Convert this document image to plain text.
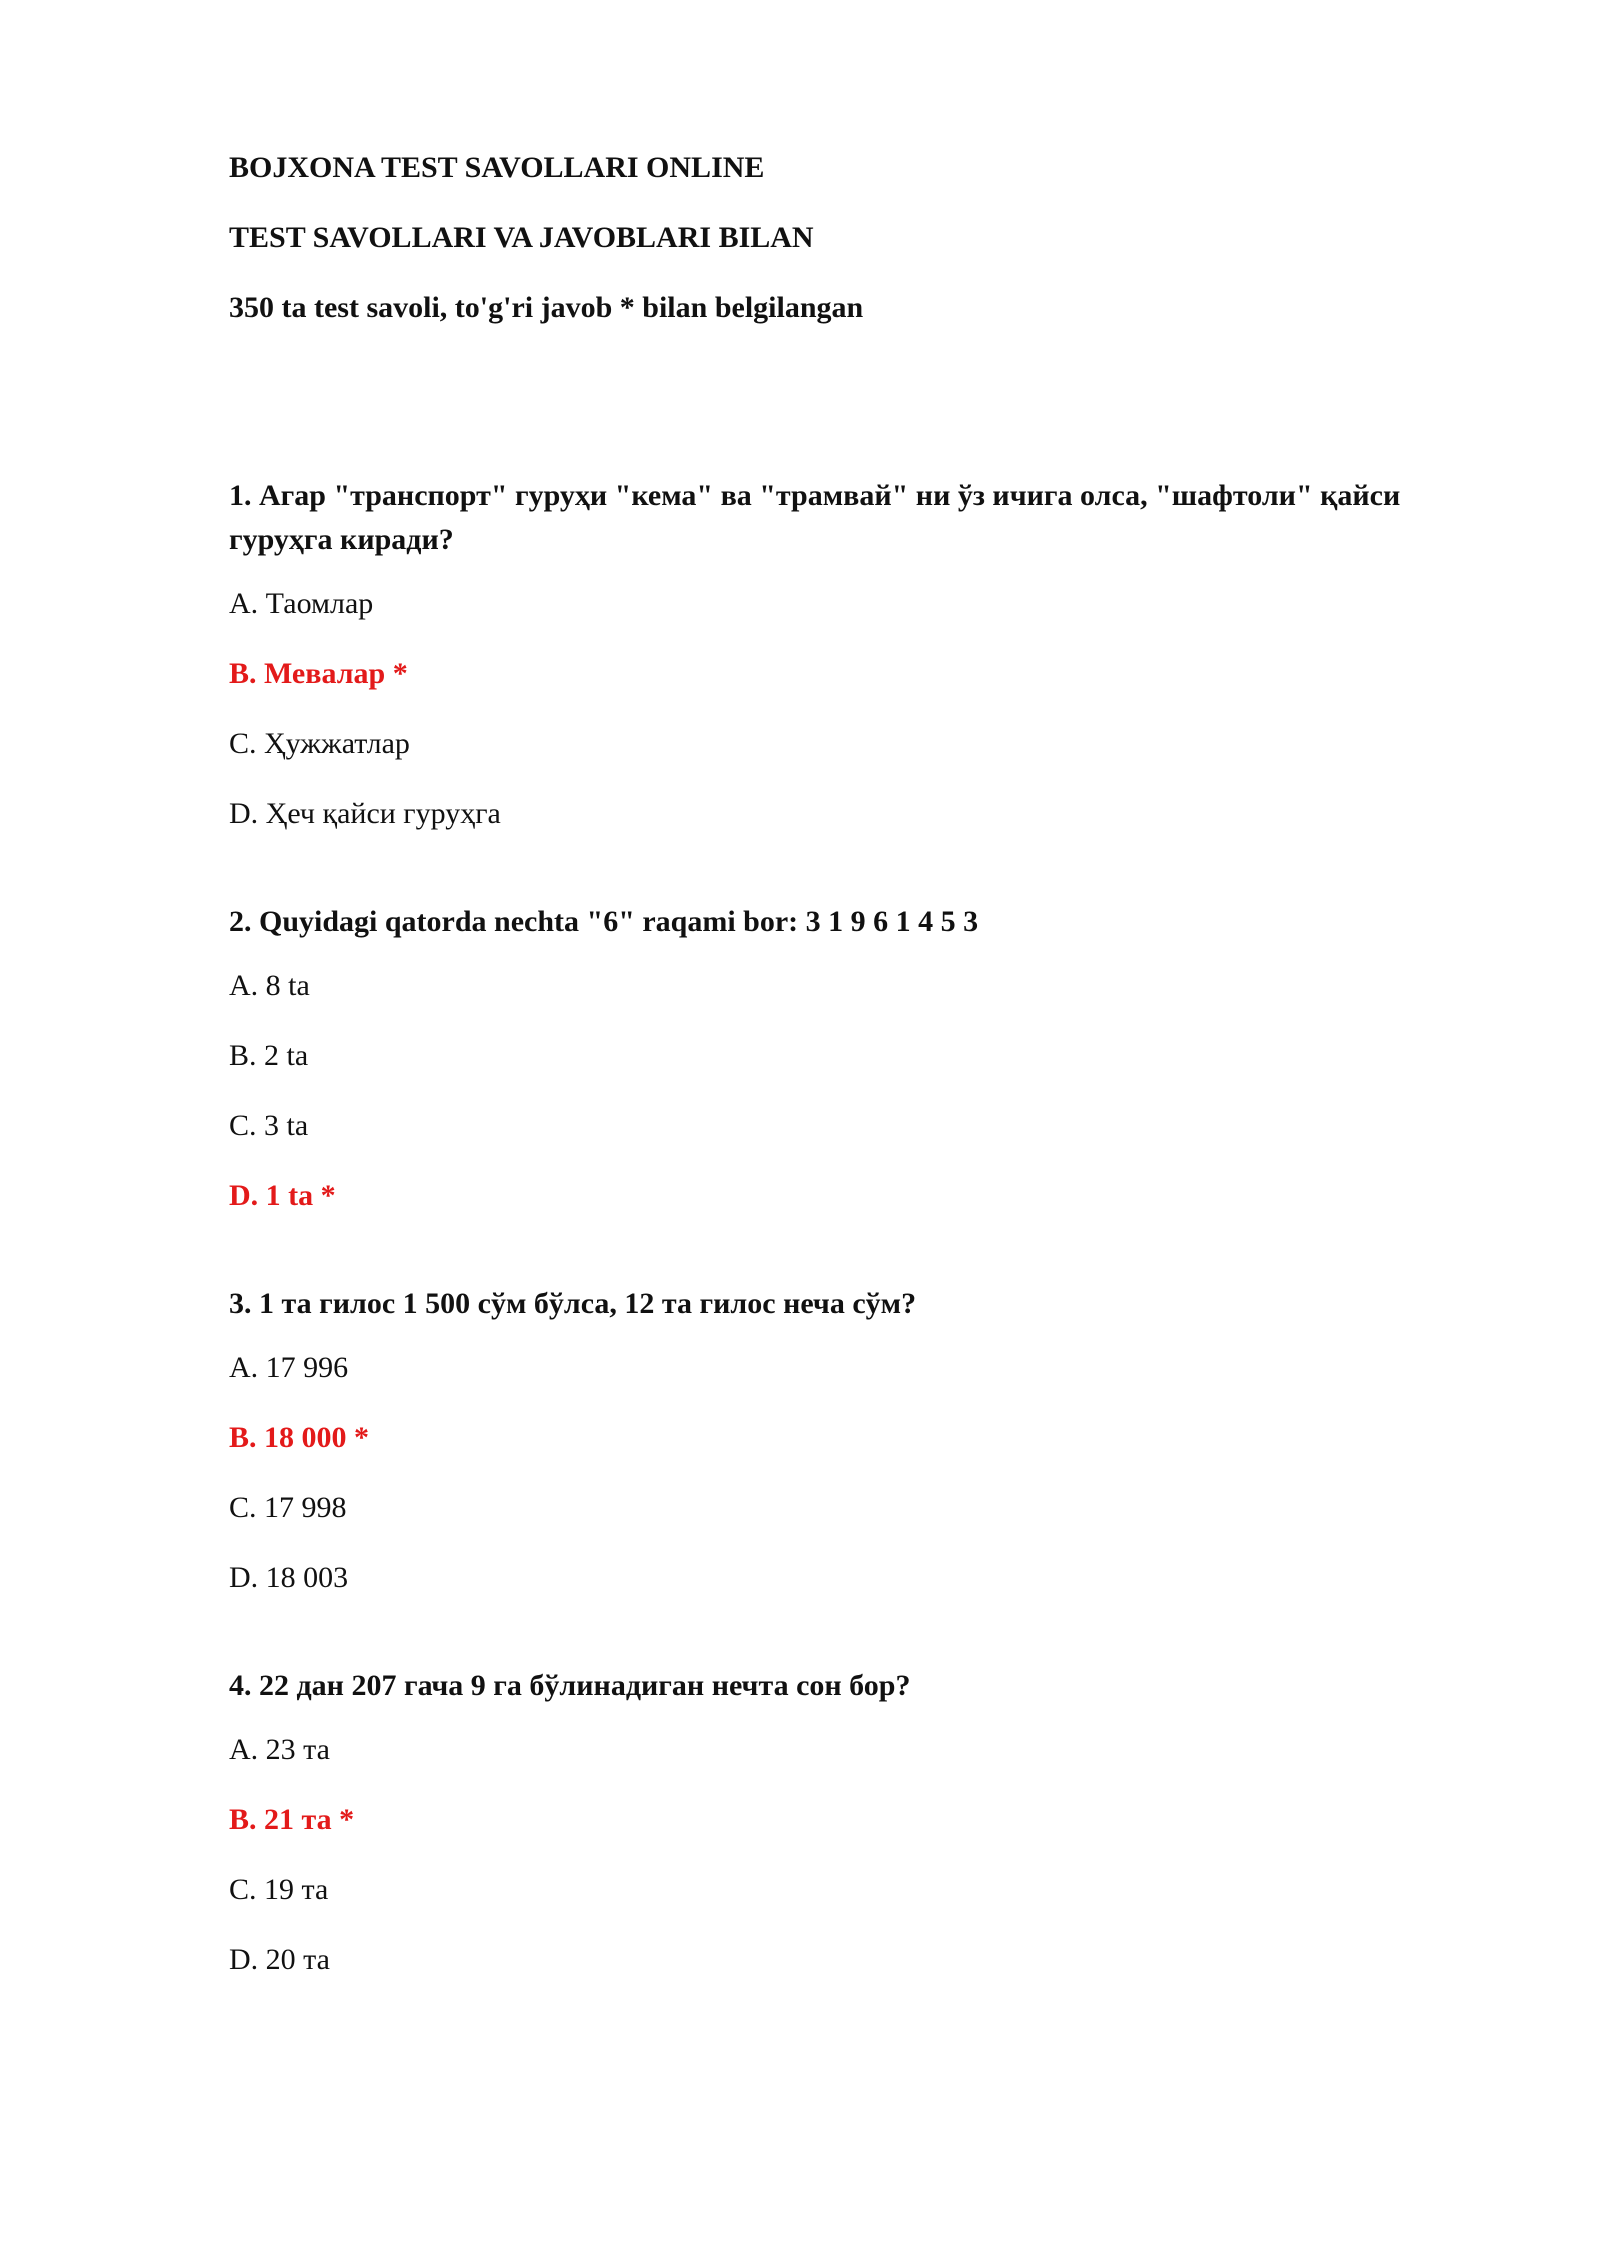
BOJXONA TEST SAVOLLARI ONLINE

TEST SAVOLLARI VA JAVOBLARI BILAN

350 ta test savoli, to'g'ri javob * bilan belgilangan

1. Агар "транспорт" гуруҳи "кема" ва "трамвай" ни ўз ичига олса, "шафтоли" қайси гуруҳга киради?

A . Таомлар
B . Мевалар *
C . Ҳужжатлар
D . Ҳеч қайси гуруҳга

2. Quyidagi qatorda nechta "6" raqami bor: 3 1 9 6 1 4 5 3

A . 8 ta
B . 2 ta
C . 3 ta
D . 1 ta *

3. 1 та гилос 1 500 сўм бўлса, 12 та гилос неча сўм?

A . 17 996
B . 18 000 *
C . 17 998
D . 18 003

4. 22 дан 207 гача 9 га бўлинадиган нечта сон бор?

A . 23 та
B . 21 та *
C . 19 та
D . 20 та
